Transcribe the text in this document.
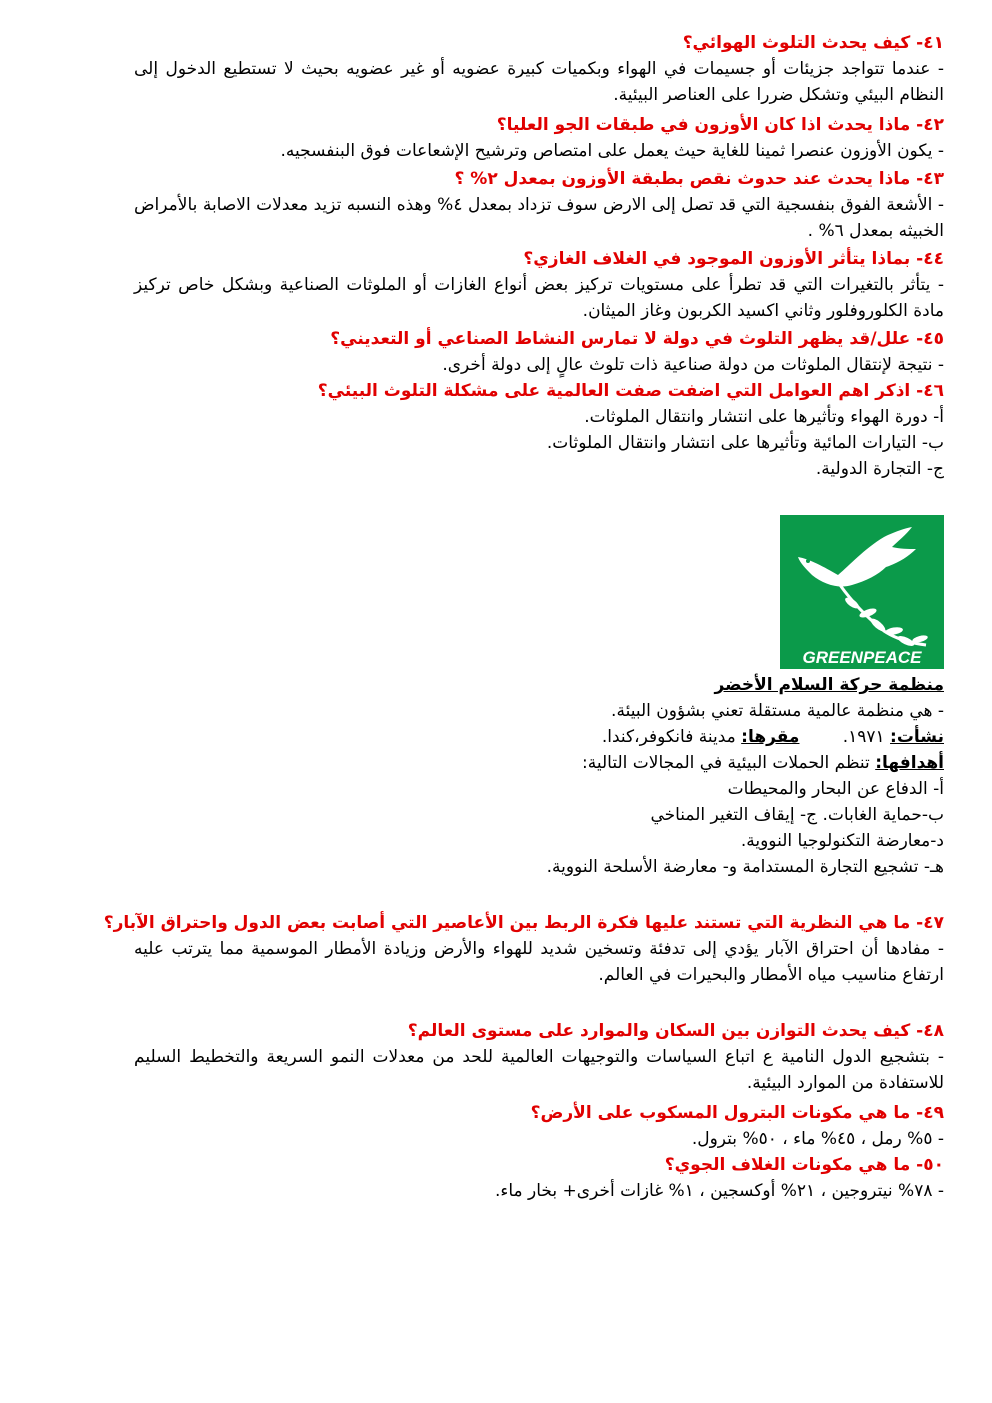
٤١- كيف يحدث التلوث الهوائي؟
- عندما تتواجد جزيئات أو جسيمات في الهواء وبكميات كبيرة عضويه أو غير عضويه بحيث لا تستطيع الدخول إلى النظام البيئي وتشكل ضررا على العناصر البيئية.
٤٢- ماذا يحدث اذا كان الأوزون في طبقات الجو العليا؟
- يكون الأوزون عنصرا ثمينا للغاية حيث يعمل على امتصاص وترشيح الإشعاعات فوق البنفسجيه.
٤٣- ماذا يحدث عند حدوث نقص بطبقة الأوزون بمعدل ٢% ؟
- الأشعة الفوق بنفسجية التي قد تصل إلى الارض سوف تزداد بمعدل ٤% وهذه النسبه تزيد معدلات الاصابة بالأمراض الخبيثه بمعدل ٦% .
٤٤- بماذا يتأثر الأوزون الموجود في الغلاف الغازي؟
- يتأثر بالتغيرات التي قد تطرأ على مستويات تركيز بعض أنواع الغازات أو الملوثات الصناعية وبشكل خاص تركيز مادة الكلوروفلور وثاني اكسيد الكربون وغاز الميثان.
٤٥- علل/قد يظهر التلوث في دولة لا تمارس النشاط الصناعي أو التعديني؟
- نتيجة لإنتقال الملوثات من دولة صناعية ذات تلوث عالٍ إلى دولة أخرى.
٤٦- اذكر اهم العوامل التي اضفت صفت العالمية على مشكلة التلوث البيئي؟
أ- دورة الهواء وتأثيرها على انتشار وانتقال الملوثات.
ب- التيارات المائية وتأثيرها على انتشار وانتقال الملوثات.
ج- التجارة الدولية.
GREENPEACE
منظمة حركة السلام الأخضر
- هي منظمة عالمية مستقلة تعني بشؤون البيئة.
نشأت: ١٩٧١.        مقرها: مدينة فانكوفر،كندا.
أهدافها: تنظم الحملات البيئية في المجالات التالية:
أ- الدفاع عن البحار والمحيطات
ب-حماية الغابات. ج- إيقاف التغير المناخي
د-معارضة التكنولوجيا النووية.
هـ- تشجيع التجارة المستدامة و- معارضة الأسلحة النووية.
٤٧- ما هي النظرية التي تستند عليها فكرة الربط بين الأعاصير التي أصابت بعض الدول واحتراق الآبار؟
- مفادها أن احتراق الآبار يؤدي إلى تدفئة وتسخين شديد للهواء والأرض وزيادة الأمطار الموسمية مما يترتب عليه ارتفاع مناسيب مياه الأمطار والبحيرات في العالم.
٤٨- كيف يحدث التوازن بين السكان والموارد على مستوى العالم؟
- بتشجيع الدول النامية ع اتباع السياسات والتوجيهات العالمية للحد من معدلات النمو السريعة والتخطيط السليم للاستفادة من الموارد البيئية.
٤٩- ما هي مكونات البترول المسكوب على الأرض؟
- ٥% رمل ، ٤٥% ماء ، ٥٠% بترول.
٥٠- ما هي مكونات الغلاف الجوي؟
- ٧٨% نيتروجين ، ٢١% أوكسجين ، ١% غازات أخرى+ بخار ماء.
